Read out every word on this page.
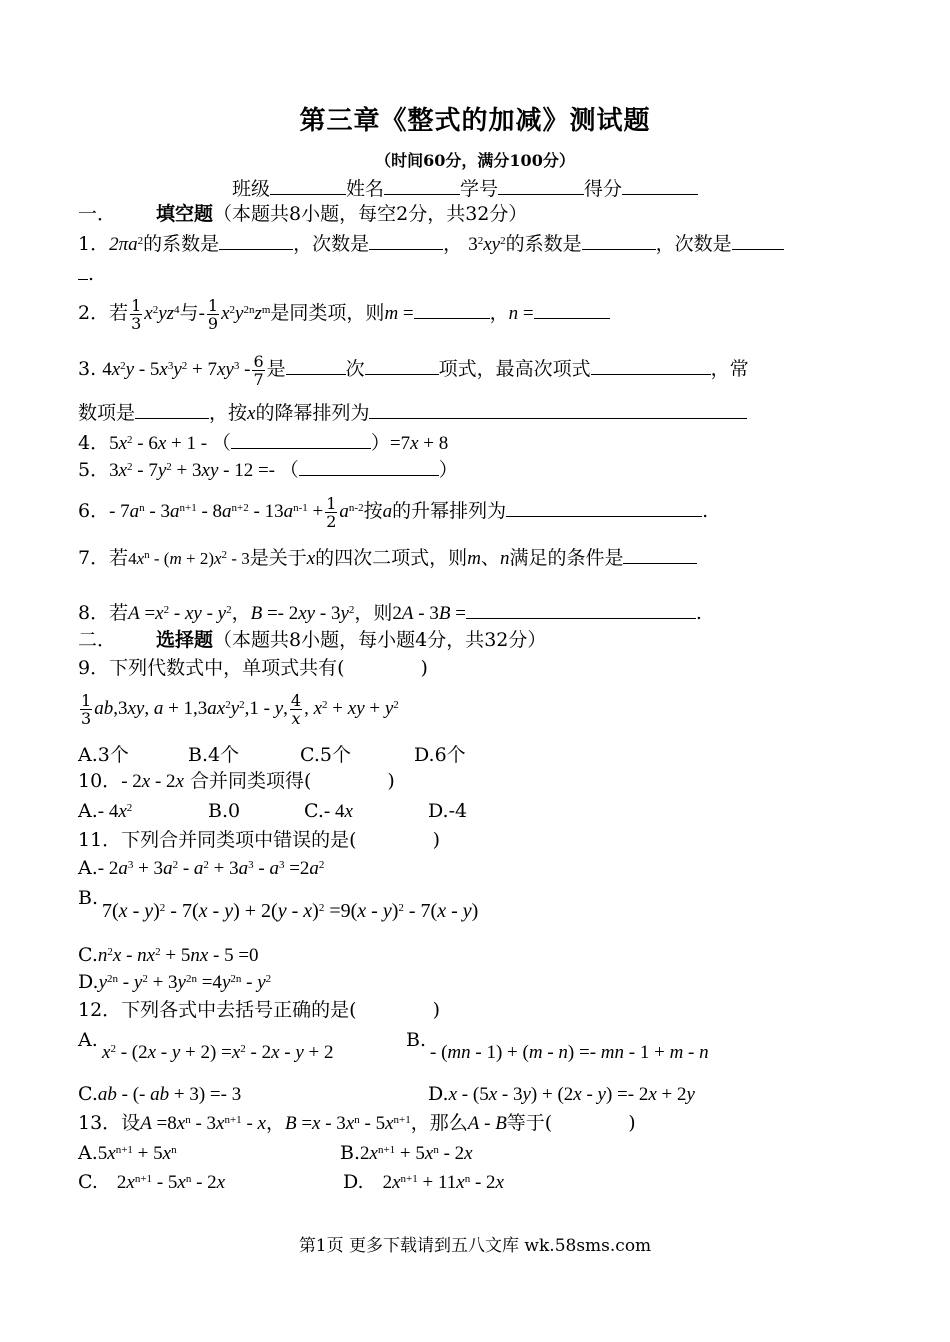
第三章《整式的加减》测试题
（时间60分，满分100分）
班级	姓名	学号	得分
一． 填空题（本题共8小题，每空2分，共32分）
1．$2\pi a^2$的系数是	，次数是	， $3^2xy^2$的系数是	，次数是
.
2．若 $\frac{1}{3} x^2yz^4$与- $\frac{1}{9} x^2y^{2n}z^m$是同类项，则m =	，n =
3. $4x^2y - 5x^3y^2 + 7xy^3 - \frac{6}{7}$ 是	次	项式，最高次项式	，常
数项是	，按x的降幂排列为
4．$5x^2 - 6x + 1$ - （	）=7x + 8
5．$3x^2 - 7y^2 + 3xy - 12$ =- （	）
6．- $7a^n - 3a^{n+1} - 8a^{n+2} - 13a^{n-1} + \frac{1}{2} a^{n-2}$按a的升幂排列为	.
7．若$4x^n - (m + 2)x^2 - 3$是关于x的四次二项式，则m、n满足的条件是
8．若$A =x^2$ - xy - $y^2$，$B =- 2xy - 3y^2$，则2A - 3B =	.
二． 选择题（本题共8小题，每小题4分，共32分）
9．下列代数式中，单项式共有(　　　　)
$\frac{1}{3} ab,3xy$, $a + 1,3ax^2y^2,1 - y$, $\frac{4}{x}$ , $x^2$ + xy + $y^2$
A.3个	B.4个	C.5个	D.6个
10．- 2x - 2x 合并同类项得(　　　　)
A.- $4x^2$	B.0	C.- 4x	D.-4
11．下列合并同类项中错误的是(　　　　)
A.- $2a^3 + 3a^2 - a^2 + 3a^3 - a^3 =2a^2$
B.
7(x - y)$^2$ - 7(x - y) + 2(y - x)$^2$ =9(x - y)$^2$ - 7(x - y)
$C.n^2x - nx^2 + 5nx - 5 =0$
$D.y^{2n} - y^2 + 3y^{2n} =4y^{2n} - y^2$
12．下列各式中去括号正确的是(　　　　)
A.
$x^2 - (2x - y + 2) =x^2 - 2x - y + 2$
B.
- (mn - 1) + (m - n) =- mn - 1 + m - n
C.ab - (- ab + 3) =- 3	D.x - (5x - 3y) + (2x - y) =- 2x + 2y
13．设$A =8x^n - 3x^{n+1} - x$，$B =x - 3x^n - 5x^{n+1}$，那么A - B等于(　　　　)
$A.5x^{n+1} + 5x^n$	$B.2x^{n+1} + 5x^n - 2x$
C.　$2x^{n+1} - 5x^n - 2x$	D.　$2x^{n+1} + 11x^n - 2x$
第1页 更多下载请到五八文库 wk.58sms.com
